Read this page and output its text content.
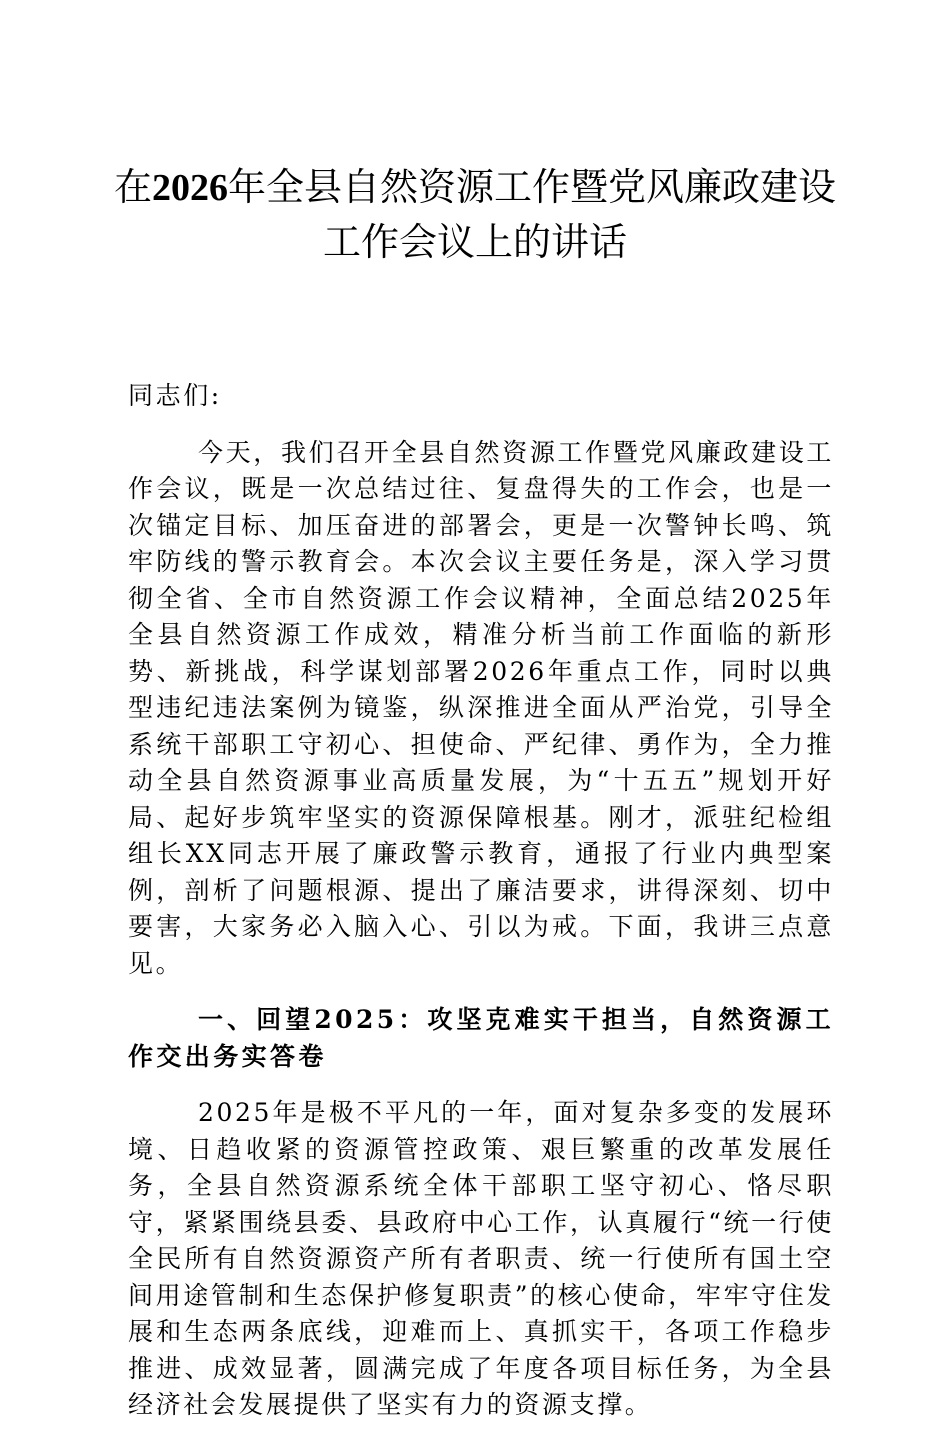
在2026年全县自然资源工作暨党风廉政建设
工作会议上的讲话

同志们:

今天，我们召开全县自然资源工作暨党风廉政建设工作会议，既是一次总结过往、复盘得失的工作会，也是一次锚定目标、加压奋进的部署会，更是一次警钟长鸣、筑牢防线的警示教育会。本次会议主要任务是，深入学习贯彻全省、全市自然资源工作会议精神，全面总结2025年全县自然资源工作成效，精准分析当前工作面临的新形势、新挑战，科学谋划部署2026年重点工作，同时以典型违纪违法案例为镜鉴，纵深推进全面从严治党，引导全系统干部职工守初心、担使命、严纪律、勇作为，全力推动全县自然资源事业高质量发展，为“十五五”规划开好局、起好步筑牢坚实的资源保障根基。刚才，派驻纪检组组长XX同志开展了廉政警示教育，通报了行业内典型案例，剖析了问题根源、提出了廉洁要求，讲得深刻、切中要害，大家务必入脑入心、引以为戒。下面，我讲三点意见。

一、回望2025：攻坚克难实干担当，自然资源工作交出务实答卷

2025年是极不平凡的一年，面对复杂多变的发展环境、日趋收紧的资源管控政策、艰巨繁重的改革发展任务，全县自然资源系统全体干部职工坚守初心、恪尽职守，紧紧围绕县委、县政府中心工作，认真履行“统一行使全民所有自然资源资产所有者职责、统一行使所有国土空间用途管制和生态保护修复职责”的核心使命，牢牢守住发展和生态两条底线，迎难而上、真抓实干，各项工作稳步推进、成效显著，圆满完成了年度各项目标任务，为全县经济社会发展提供了坚实有力的资源支撑。
